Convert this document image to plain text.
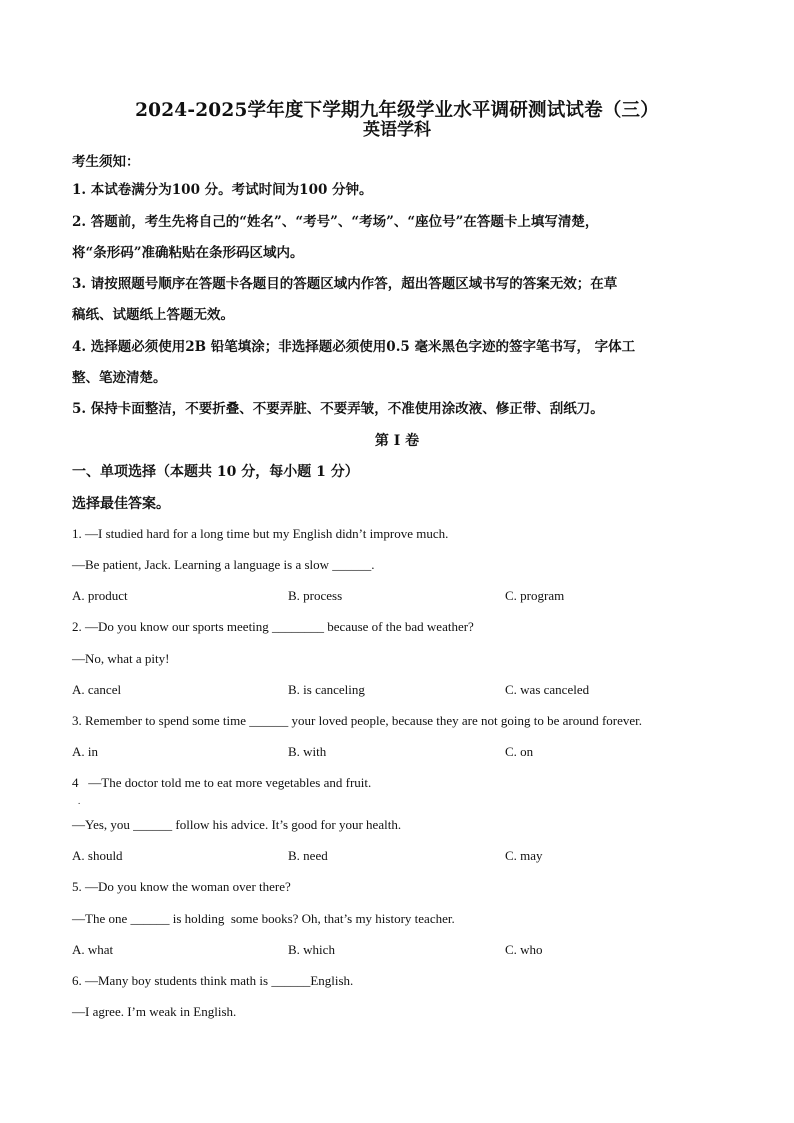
2024-2025学年度下学期九年级学业水平调研测试试卷（三）
英语学科
考生须知：
1. 本试卷满分为100 分。考试时间为100 分钟。
2. 答题前，考生先将自己的“姓名”、“考号”、“考场”、“座位号”在答题卡上填写清楚，
将“条形码”准确粘贴在条形码区域内。
3. 请按照题号顺序在答题卡各题目的答题区域内作答，超出答题区域书写的答案无效；在草
稿纸、试题纸上答题无效。
4. 选择题必须使用2B 铅笔填涂；非选择题必须使用0.5 毫米黑色字迹的签字笔书写， 字体工
整、笔迹清楚。
5. 保持卡面整洁，不要折叠、不要弄脏、不要弄皱，不准使用涂改液、修正带、刮纸刀。
第 I 卷
一、单项选择（本题共 10 分，每小题 1 分）
选择最佳答案。
1. —I studied hard for a long time but my English didn’t improve much.
—Be patient, Jack. Learning a language is a slow ______.
A. product	B. process	C. program
2. —Do you know our sports meeting ________ because of the bad weather?
—No, what a pity!
A. cancel	B. is canceling	C. was canceled
3. Remember to spend some time ______ your loved people, because they are not going to be around forever.
A. in	B. with	C. on
4   —The doctor told me to eat more vegetables and fruit.
.
—Yes, you ______ follow his advice. It’s good for your health.
A. should	B. need	C. may
5. —Do you know the woman over there?
—The one ______ is holding  some books? Oh, that’s my history teacher.
A. what	B. which	C. who
6. —Many boy students think math is ______English.
—I agree. I’m weak in English.
